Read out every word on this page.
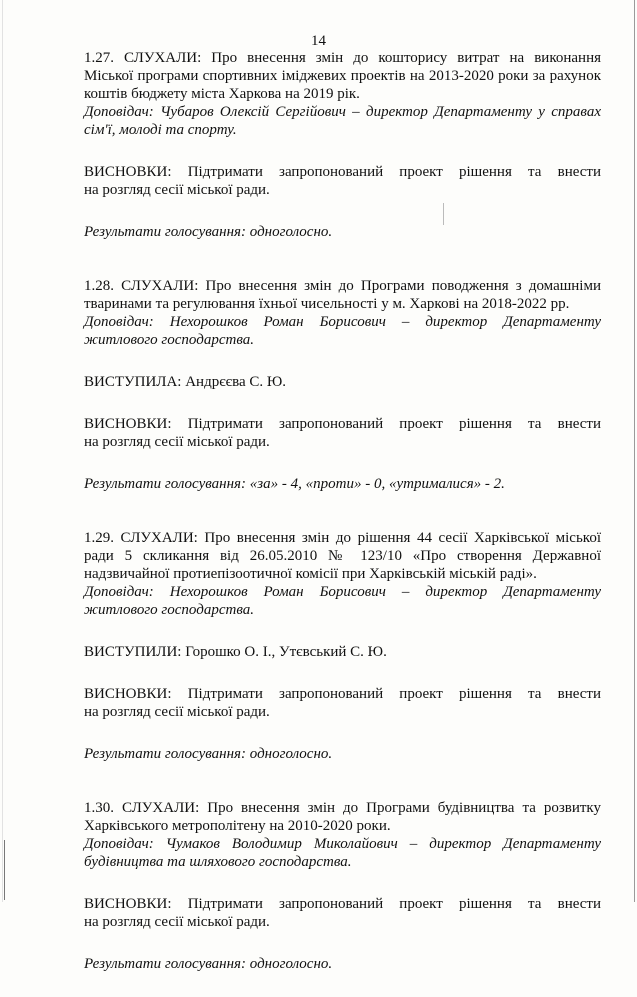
14
1.27. СЛУХАЛИ: Про внесення змін до кошторису витрат на виконання
Міської програми спортивних іміджевих проектів на 2013-2020 роки за рахунок
коштів бюджету міста Харкова на 2019 рік.
Доповідач: Чубаров Олексій Сергійович – директор Департаменту у справах
сім'ї, молоді та спорту.
ВИСНОВКИ: Підтримати запропонований проект рішення та внести
на розгляд сесії міської ради.
Результати голосування: одноголосно.
1.28. СЛУХАЛИ: Про внесення змін до Програми поводження з домашніми
тваринами та регулювання їхньої чисельності у м. Харкові на 2018-2022 рр.
Доповідач: Нехорошков Роман Борисович – директор Департаменту
житлового господарства.
ВИСТУПИЛА: Андрєєва С. Ю.
ВИСНОВКИ: Підтримати запропонований проект рішення та внести
на розгляд сесії міської ради.
Результати голосування: «за» - 4, «проти» - 0, «утрималися» - 2.
1.29. СЛУХАЛИ: Про внесення змін до рішення 44 сесії Харківської міської
ради 5 скликання від 26.05.2010 № 123/10 «Про створення Державної
надзвичайної протиепізоотичної комісії при Харківській міській раді».
Доповідач: Нехорошков Роман Борисович – директор Департаменту
житлового господарства.
ВИСТУПИЛИ: Горошко О. І., Утєвський С. Ю.
ВИСНОВКИ: Підтримати запропонований проект рішення та внести
на розгляд сесії міської ради.
Результати голосування: одноголосно.
1.30. СЛУХАЛИ: Про внесення змін до Програми будівництва та розвитку
Харківського метрополітену на 2010-2020 роки.
Доповідач: Чумаков Володимир Миколайович – директор Департаменту
будівництва та шляхового господарства.
ВИСНОВКИ: Підтримати запропонований проект рішення та внести
на розгляд сесії міської ради.
Результати голосування: одноголосно.
